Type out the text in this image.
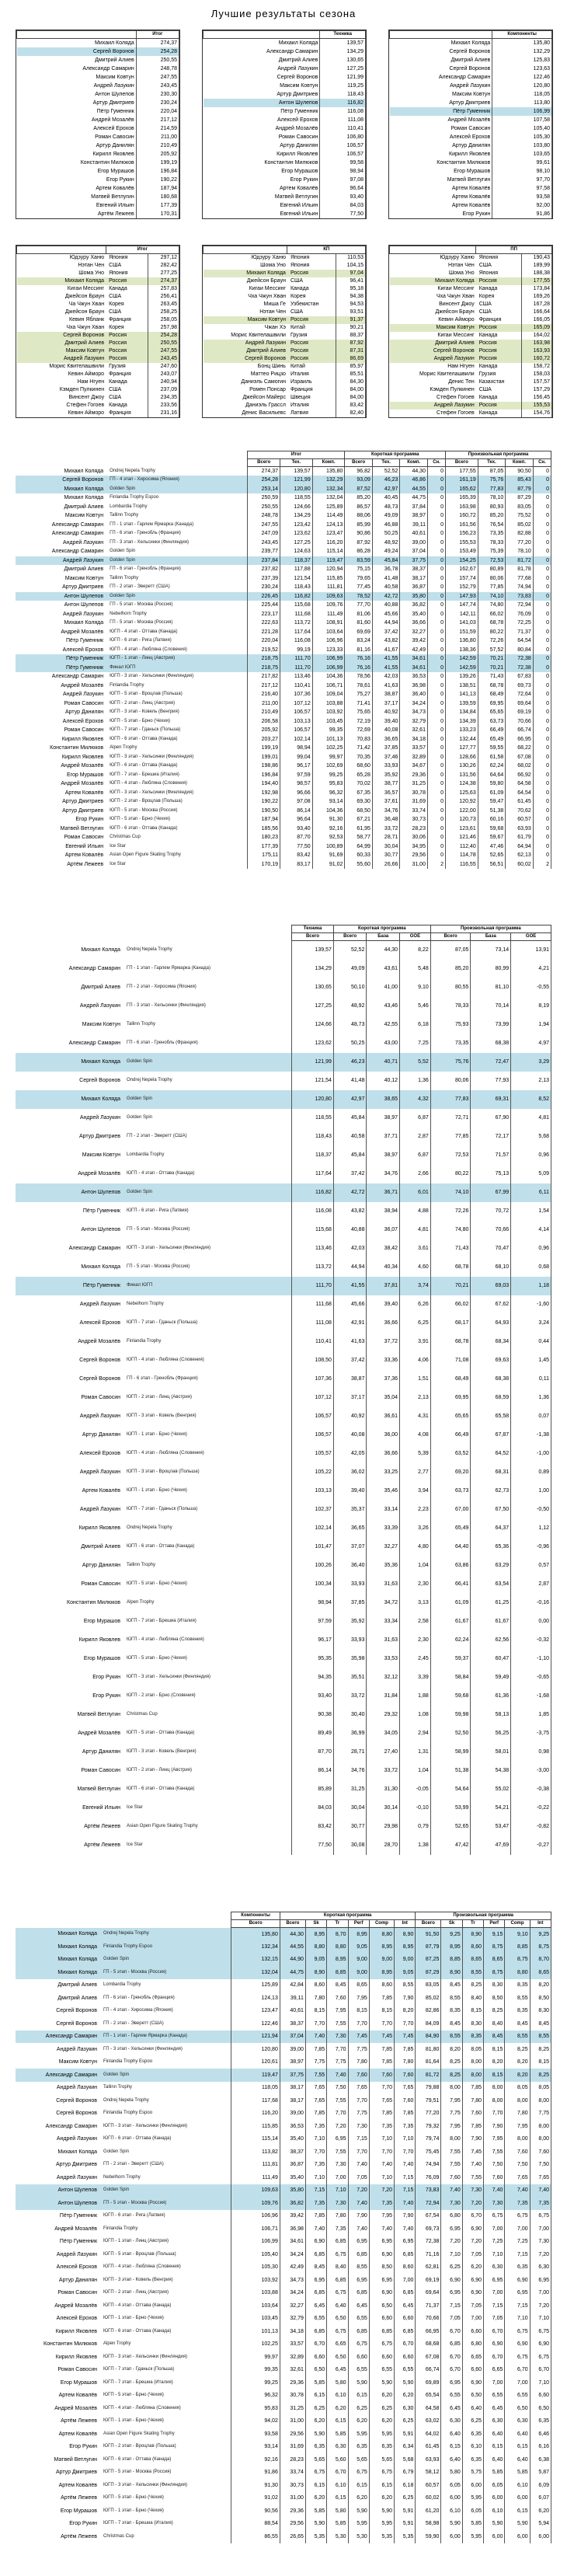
Лучшие результаты сезона
	Итог
Михаил Коляда	274,37
Сергей Воронов	254,28
Дмитрий Алиев	250,55
Александр Самарин	248,78
Максим Ковтун	247,55
Андрей Лазукин	243,45
Антон Шулепов	230,30
Артур Дмитриев	230,24
Пётр Гуменник	220,04
Андрей Мозалёв	217,12
Алексей Ерохов	214,59
Роман Савосин	211,00
Артур Данилян	210,49
Кирилл Яковлев	205,92
Константин Милюков	199,19
Егор Мурашов	196,84
Егор Рукин	190,22
Артем Ковалёв	187,94
Матвей Ветлугин	180,68
Евгений Ильин	177,39
Артём Лежеев	170,31
	Техника
Михаил Коляда	139,57
Александр Самарин	134,29
Дмитрий Алиев	130,65
Андрей Лазукин	127,25
Сергей Воронов	121,99
Максим Ковтун	119,25
Артур Дмитриев	118,43
Антон Шулепов	116,82
Пётр Гуменник	116,08
Алексей Ерохов	111,08
Андрей Мозалёв	110,41
Роман Савосин	106,80
Артур Данилян	106,57
Кирилл Яковлев	106,57
Константин Милюков	99,58
Егор Мурашов	98,94
Егор Рукин	97,08
Артем Ковалёв	96,64
Матвей Ветлугин	93,40
Евгений Ильин	84,03
Евгений Ильин	77,50
	Компоненты
Михаил Коляда	135,80
Сергей Воронов	132,29
Дмитрий Алиев	125,83
Сергей Воронов	123,63
Александр Самарин	122,46
Андрей Лазукин	120,80
Максим Ковтун	118,05
Артур Дмитриев	113,80
Пётр Гуменник	106,99
Андрей Мозалёв	107,58
Роман Савосин	105,40
Алексей Ерохов	105,30
Артур Данилян	103,80
Кирилл Яковлев	103,65
Константин Милюков	99,61
Егор Мурашов	98,10
Матвей Ветлугин	97,70
Артем Ковалёв	97,58
Артем Ковалёв	93,58
Артем Ковалёв	92,00
Егор Рукин	91,86
	Итог	
Юдзуру Ханю	Япония	297,12
Нэтан Чен	США	282,42
Шома Уно	Япония	277,25
Михаил Коляда	Россия	274,37
Кигаи Мессинг	Канада	257,83
Джейсон Браун	США	256,41
Ча Чжун Хван	Корея	263,45
Джейсон Браун	США	258,25
Кевин Ябланк	Франция	258,05
Чха Чжун Хван	Корея	257,98
Сергей Воронов	Россия	254,28
Дмитрий Алиев	Россия	250,55
Максим Ковтун	Россия	247,55
Андрей Лазукин	Россия	243,45
Морис Квителашвили	Грузия	247,60
Кевин Айморо	Франция	243,07
Нам Нгуен	Канада	240,94
Кэмден Пулкинен	США	237,09
Винсент Джоу	США	234,35
Стефен Гогоев	Канада	233,56
Кевин Айморо	Франция	231,16
	КП	
Юдзуру Ханю	Япония	110,53
Шома Уно	Япония	104,15
Михаил Коляда	Россия	97,04
Джейсон Браун	США	96,41
Кигаи Мессинг	Канада	95,18
Чха Чжун Хван	Корея	94,38
Миша Ге	Узбекистан	94,53
Нэтан Чен	США	93,51
Максим Ковтун	Россия	91,37
Чжан Хэ	Китай	90,21
Морис Квителашвили	Грузия	88,37
Андрей Лазукин	Россия	87,92
Дмитрий Алиев	Россия	87,31
Сергей Воронов	Россия	86,69
Бонц Шинь	Китай	85,97
Маттео Рицзо	Италия	85,51
Даниэль Самогин	Израиль	84,30
Ромен Понсар	Франция	84,00
Джейсон Майерс	Швеция	84,00
Даниэль Грассл	Италия	83,42
Денис Васильевс	Латвия	82,40
	ПП	
Юдзуру Ханю	Япония	190,43
Нэтан Чен	США	189,99
Шома Уно	Япония	188,38
Михаил Коляда	Россия	177,55
Кигаи Мессинг	Канада	173,84
Чха Чжун Хван	Корея	169,26
Винсент Джоу	США	167,28
Джейсон Браун	США	166,64
Кевин Айморо	Франция	166,05
Максим Ковтун	Россия	165,09
Кигаи Мессинг	Канада	164,02
Дмитрий Алиев	Россия	163,98
Сергей Воронов	Россия	163,93
Андрей Лазукин	Россия	160,72
Нам Нгуен	Канада	158,72
Морис Квителашвили	Грузия	158,03
Денис Тен	Казахстан	157,57
Кэмден Пулкинен	США	157,29
Стефен Гогоев	Канада	156,45
Андрей Лазукин	Россия	155,53
Стефен Гогоев	Канада	154,76
		Итог			Короткая программа				Произвольная программа			
		Всего	Тех.	Комп.	Всего	Тех.	Комп.	Сн.	Всего	Тех.	Комп.	Сн.
Михаил Коляда	Ondrej Nepela Trophy	274,37	139,57	135,80	96,82	52,52	44,30	0	177,55	87,05	90,50	0
Сергей Воронов	ГП - 4 этап - Хиросима (Япония)	254,28	121,99	132,29	93,09	46,23	46,86	0	161,19	75,76	85,43	0
Михаил Коляда	Golden Spin	253,14	120,80	132,34	87,52	42,97	44,55	0	165,62	77,83	87,79	0
Михаил Коляда	Finlandia Trophy Espoo	250,59	118,55	132,04	85,20	40,45	44,75	0	165,39	78,10	87,29	0
Дмитрий Алиев	Lombardia Trophy	250,55	124,66	125,89	86,57	48,73	37,84	0	163,98	80,93	83,05	0
Максим Ковтун	Tallinn Trophy	248,78	134,29	114,49	88,06	49,09	38,97	0	160,72	85,20	75,52	0
Александр Самарин	ГП - 1 этап - Гарлем Ярмарка (Канада)	247,55	123,42	124,13	85,99	46,88	39,11	0	161,56	76,54	85,02	0
Александр Самарин	ГП - 6 этап - Гренобль (Франция)	247,09	123,62	123,47	90,86	50,25	40,61	0	156,23	73,35	82,88	0
Андрей Лазукин	ГП - 3 этап - Хельсинки (Финляндия)	243,45	127,25	116,20	87,92	48,92	39,00	0	155,53	78,33	77,20	0
Александр Самарин	Golden Spin	239,77	124,63	115,14	86,28	49,24	37,04	0	153,49	75,39	78,10	0
Андрей Лазукин	Golden Spin	237,84	118,37	119,47	83,59	45,84	37,75	0	154,25	72,53	81,72	0
Дмитрий Алиев	ГП - 6 этап - Гренобль (Франция)	237,82	117,88	120,94	75,15	36,78	38,37	0	162,67	80,89	81,78	0
Максим Ковтун	Tallinn Trophy	237,39	121,54	115,85	79,65	41,48	38,17	0	157,74	80,06	77,68	0
Артур Дмитриев	ГП - 2 этап - Эверетт (США)	230,24	118,43	111,81	77,45	40,58	36,87	0	152,79	77,85	74,94	0
Антон Шулепов	Golden Spin	226,45	116,82	109,63	78,52	42,72	35,80	0	147,93	74,10	73,83	0
Антон Шулепов	ГП - 5 этап - Москва (Россия)	225,44	115,68	109,76	77,70	40,88	36,82	0	147,74	74,80	72,94	0
Андрей Лазукин	Nebelhorn Trophy	223,17	111,68	111,49	81,06	45,66	35,40	0	142,11	66,02	76,09	0
Михаил Коляда	ГП - 5 этап - Москва (Россия)	222,63	113,72	108,91	81,60	44,94	36,66	0	141,03	68,78	72,25	0
Андрей Мозалёв	ЮГП - 4 этап - Оттава (Канада)	221,28	117,64	103,64	69,69	37,42	32,27	0	151,59	80,22	71,37	0
Пётр Гуменник	ЮГП - 6 этап - Рига (Латвия)	220,04	116,08	106,96	83,24	43,82	39,42	0	136,80	72,26	64,54	0
Алексей Ерохов	ЮГП - 4 этап - Любляна (Словения)	219,52	99,19	123,33	81,16	41,67	42,49	0	138,36	57,52	80,84	0
Пётр Гуменник	ЮГП - 1 этап - Линц (Австрия)	218,75	111,70	106,99	76,16	41,55	34,61	0	142,59	70,21	72,38	0
Пётр Гуменник	Финал ЮГП	218,75	111,70	106,99	76,16	41,55	34,61	0	142,59	70,21	72,38	0
Александр Самарин	ЮГП - 3 этап - Хельсинки (Финляндия)	217,82	113,46	104,36	78,56	42,03	36,53	0	139,26	71,43	67,83	0
Андрей Мозалёв	Finlandia Trophy	217,12	110,41	106,71	78,61	41,63	36,98	0	138,51	68,78	69,73	0
Андрей Лазукин	ЮГП - 5 этап - Вроцлав (Польша)	216,40	107,36	109,04	75,27	38,87	36,40	0	141,13	68,49	72,64	0
Роман Савосин	ЮГП - 2 этап - Линц (Австрия)	211,00	107,12	103,88	71,41	37,17	34,24	0	139,59	69,95	69,64	0
Артур Данилян	ЮГП - 3 этап - Ковель (Венгрия)	210,49	106,57	103,92	75,65	40,92	34,73	0	134,84	65,65	69,19	0
Алексей Ерохов	ЮГП - 5 этап - Брно (Чехия)	206,58	103,13	103,45	72,19	39,40	32,79	0	134,39	63,73	70,66	0
Роман Савосин	ЮГП - 7 этап - Гданьск (Польша)	205,92	106,57	99,35	72,69	40,08	32,61	0	133,23	66,49	66,74	0
Кирилл Яковлев	ЮГП - 6 этап - Оттава (Канада)	203,27	102,14	101,13	70,83	36,65	34,18	0	132,44	65,49	66,95	0
Константин Милюков	Alpen Trophy	199,19	98,94	102,25	71,42	37,85	33,57	0	127,77	59,55	68,22	0
Кирилл Яковлев	ЮГП - 3 этап - Хельсинки (Финляндия)	199,01	99,04	99,97	70,35	37,46	32,89	0	128,66	61,58	67,08	0
Андрей Мозалёв	ЮГП - 6 этап - Оттава (Канада)	198,86	96,17	102,69	68,60	33,93	34,67	0	130,26	62,24	68,02	0
Егор Мурашов	ЮГП - 7 этап - Брешиа (Италия)	196,84	97,59	99,25	65,28	35,92	29,36	0	131,56	64,64	66,92	0
Андрей Мозалёв	ЮГП - 4 этап - Любляна (Словения)	194,40	98,57	95,83	70,02	38,77	31,25	0	124,38	59,80	64,58	0
Артем Ковалёв	ЮГП - 3 этап - Хельсинки (Финляндия)	192,98	96,66	96,32	67,35	36,57	30,78	0	125,63	61,09	64,54	0
Артур Дмитриев	ЮГП - 2 этап - Вроцлав (Польша)	190,22	97,08	93,14	69,30	37,61	31,69	0	120,92	59,47	61,45	0
Артур Дмитриев	ЮГП - 5 этап - Москва (Россия)	190,50	86,14	104,36	68,50	34,76	33,74	0	122,00	51,38	70,62	0
Егор Рукин	ЮГП - 5 этап - Брно (Чехия)	187,94	96,64	91,30	67,21	36,48	30,73	0	120,73	60,16	60,57	0
Матвей Ветлугин	ЮГП - 6 этап - Оттава (Канада)	185,56	93,40	92,16	61,95	33,72	28,23	0	123,61	59,68	63,93	0
Роман Савосин	Christmas Cup	180,23	87,70	92,53	58,77	28,71	30,06	0	121,46	59,67	61,79	0
Евгений Ильин	Ice Star	177,39	77,50	100,89	64,99	30,04	34,95	0	112,40	47,46	64,94	0
Артем Ковалёв	Asian Open Figure Skating Trophy	175,11	83,42	91,69	60,33	30,77	29,56	0	114,78	52,65	62,13	0
Артём Лежеев	Ice Star	170,19	83,17	91,02	55,60	26,66	31,00	2	116,55	56,51	60,02	2
		Техника	Короткая программа			Произвольная программа		
		Всего	Всего	База	GOE	Всего	База	GOE
Михаил Коляда	Ondrej Nepela Trophy	139,57	52,52	44,30	8,22	87,05	73,14	13,91
Александр Самарин	ГП - 1 этап - Гарлем Ярмарка (Канада)	134,29	49,09	43,61	5,48	85,20	80,99	4,21
Дмитрий Алиев	ГП - 2 этап - Хиросима (Япония)	130,65	50,10	41,00	9,10	80,55	81,10	-0,55
Андрей Лазукин	ГП - 3 этап - Хельсинки (Финляндия)	127,25	48,92	43,46	5,46	78,33	70,14	8,19
Максим Ковтун	Tallinn Trophy	124,66	48,73	42,55	6,18	75,93	73,99	1,94
Александр Самарин	ГП - 6 этап - Гренобль (Франция)	123,62	50,25	43,00	7,25	73,35	68,38	4,97
Михаил Коляда	Golden Spin	121,99	46,23	40,71	5,52	75,76	72,47	3,29
Сергей Воронов	Ondrej Nepela Trophy	121,54	41,48	40,12	1,36	80,06	77,93	2,13
Михаил Коляда	Golden Spin	120,80	42,97	38,65	4,32	77,83	69,31	8,52
Андрей Лазукин	Golden Spin	118,55	45,84	38,97	6,87	72,71	67,90	4,81
Артур Дмитриев	ГП - 2 этап - Эверетт (США)	118,43	40,58	37,71	2,87	77,85	72,17	5,68
Максим Ковтун	Lombardia Trophy	118,37	45,84	38,97	6,87	72,53	71,57	0,96
Андрей Мозалёв	ЮГП - 4 этап - Оттава (Канада)	117,64	37,42	34,76	2,66	80,22	75,13	5,09
Антон Шулепов	Golden Spin	116,82	42,72	36,71	6,01	74,10	67,99	6,11
Пётр Гуменник	ЮГП - 6 этап - Рига (Латвия)	116,08	43,82	38,94	4,88	72,26	70,72	1,54
Антон Шулепов	ГП - 5 этап - Москва (Россия)	115,68	40,88	36,07	4,81	74,80	70,66	4,14
Александр Самарин	ЮГП - 3 этап - Хельсинки (Финляндия)	113,46	42,03	38,42	3,61	71,43	70,47	0,96
Михаил Коляда	ГП - 5 этап - Москва (Россия)	113,72	44,94	40,34	4,60	68,78	68,10	0,68
Пётр Гуменник	Финал ЮГП	111,70	41,55	37,81	3,74	70,21	69,03	1,18
Андрей Лазукин	Nebelhorn Trophy	111,68	45,66	39,40	6,26	66,02	67,62	-1,60
Алексей Ерохов	ЮГП - 7 этап - Гданьск (Польша)	111,08	42,91	36,66	6,25	68,17	64,93	3,24
Андрей Мозалёв	Finlandia Trophy	110,41	41,63	37,72	3,91	68,78	68,34	0,44
Сергей Воронов	ЮГП - 4 этап - Любляна (Словения)	108,50	37,42	33,36	4,06	71,08	69,63	1,45
Сергей Воронов	ГП - 6 этап - Гренобль (Франция)	107,36	38,87	37,36	1,51	68,49	68,38	0,11
Роман Савосин	ЮГП - 2 этап - Линц (Австрия)	107,12	37,17	35,04	2,13	69,95	68,59	1,36
Андрей Лазукин	ЮГП - 3 этап - Ковель (Венгрия)	106,57	40,92	36,61	4,31	65,65	65,58	0,07
Артур Данилян	ЮГП - 1 этап - Брно (Чехия)	106,57	40,08	36,00	4,08	66,49	67,87	-1,38
Алексей Ерохов	ЮГП - 4 этап - Любляна (Словения)	105,57	42,05	36,66	5,39	63,52	64,52	-1,00
Андрей Лазукин	ЮГП - 3 этап - Вроцлав (Польша)	105,22	36,02	33,25	2,77	69,20	68,31	0,89
Артем Ковалёв	ЮГП - 1 этап - Брно (Чехия)	103,13	39,40	35,46	3,94	63,73	62,73	1,00
Андрей Лазукин	ЮГП - 7 этап - Гданьск (Польша)	102,37	35,37	33,14	2,23	67,00	67,50	-0,50
Кирилл Яковлев	Ondrej Nepela Trophy	102,14	36,65	33,39	3,26	65,49	64,37	1,12
Дмитрий Алиев	ЮГП - 6 этап - Оттава (Канада)	101,47	37,07	32,27	4,80	64,40	65,36	-0,96
Артур Данилян	Tallinn Trophy	100,26	36,40	35,36	1,04	63,86	63,29	0,57
Роман Савосин	ЮГП - 5 этап - Брно (Чехия)	100,34	33,93	31,63	2,30	66,41	63,54	2,87
Константин Милюков	Alpen Trophy	98,94	37,85	34,72	3,13	61,09	61,25	-0,16
Егор Мурашов	ЮГП - 7 этап - Брешиа (Италия)	97,59	35,92	33,34	2,58	61,67	61,67	0,00
Кирилл Яковлев	ЮГП - 4 этап - Любляна (Словения)	96,17	33,93	31,63	2,30	62,24	62,56	-0,32
Егор Мурашов	ЮГП - 5 этап - Брно (Чехия)	95,35	35,98	33,53	2,45	59,37	60,47	-1,10
Егор Рукин	ЮГП - 3 этап - Хельсинки (Финляндия)	94,35	35,51	32,12	3,39	58,84	59,49	-0,65
Егор Рукин	ЮГП - 2 этап - Брно (Словения)	93,40	33,72	31,84	1,88	59,68	61,36	-1,68
Матвей Ветлугин	Christmas Cup	90,38	30,40	29,32	1,08	59,98	58,13	1,85
Андрей Мозалёв	ЮГП - 5 этап - Оттава (Канада)	89,49	36,99	34,05	2,94	52,50	56,25	-3,75
Артур Данилян	ЮГП - 3 этап - Ковель (Венгрия)	87,70	28,71	27,40	1,31	58,99	58,01	0,98
Роман Савосин	ЮГП - 2 этап - Линц (Австрия)	86,14	34,76	33,72	1,04	51,38	54,38	-3,00
Матвей Ветлугин	ЮГП - 6 этап - Оттава (Канада)	85,89	31,25	31,30	-0,05	54,64	55,02	-0,38
Евгений Ильин	Ice Star	84,03	30,04	30,14	-0,10	53,99	54,21	-0,22
Артём Лежеев	Asian Open Figure Skating Trophy	83,42	30,77	29,98	0,79	52,65	53,47	-0,82
Артём Лежеев	Ice Star	77,50	30,08	28,70	1,38	47,42	47,69	-0,27
		Компоненты	Короткая программа						Произвольная программа					
		Всего	Всего	Sk	Tr	Perf	Comp	Int	Всего	Sk	Tr	Perf	Comp	Int
Михаил Коляда	Ondrej Nepela Trophy	135,80	44,30	8,95	8,70	8,95	8,80	8,90	91,50	9,25	8,90	9,15	9,10	9,25
Михаил Коляда	Finlandia Trophy Espoo	132,34	44,55	8,80	8,80	9,05	8,95	8,95	87,79	8,95	8,60	8,75	8,85	8,75
Михаил Коляда	Golden Spin	132,15	44,90	9,05	8,95	9,00	9,00	9,00	87,25	8,85	8,65	8,65	8,75	8,70
Михаил Коляда	ГП - 5 этап - Москва (Россия)	132,04	44,75	8,90	8,85	9,00	8,95	9,05	87,29	8,90	8,55	8,75	8,80	8,65
Дмитрий Алиев	Lombardia Trophy	125,89	42,84	8,60	8,45	8,65	8,60	8,55	83,05	8,45	8,25	8,30	8,35	8,20
Дмитрий Алиев	ГП - 6 этап - Гренобль (Франция)	124,13	39,11	7,80	7,60	7,95	7,85	7,90	85,02	8,55	8,40	8,50	8,55	8,50
Сергей Воронов	ГП - 4 этап - Хиросима (Япония)	123,47	40,61	8,15	7,95	8,15	8,15	8,20	82,86	8,35	8,15	8,25	8,35	8,30
Сергей Воронов	ГП - 2 этап - Эверетт (США)	122,46	38,37	7,70	7,55	7,70	7,70	7,70	84,09	8,45	8,30	8,40	8,45	8,45
Александр Самарин	ГП - 1 этап - Гарлем Ярмарка (Канада)	121,94	37,04	7,40	7,30	7,45	7,45	7,45	84,90	8,55	8,35	8,45	8,55	8,55
Андрей Лазукин	ГП - 3 этап - Хельсинки (Финляндия)	120,80	39,00	7,85	7,70	7,75	7,85	7,85	81,80	8,20	8,05	8,15	8,25	8,25
Максим Ковтун	Finlandia Trophy Espoo	120,61	38,97	7,75	7,75	7,80	7,85	7,80	81,64	8,25	8,00	8,20	8,20	8,15
Александр Самарин	Golden Spin	119,47	37,75	7,55	7,40	7,60	7,60	7,60	81,72	8,25	8,00	8,15	8,20	8,25
Андрей Лазукин	Tallinn Trophy	118,05	38,17	7,65	7,50	7,65	7,70	7,65	79,88	8,00	7,85	8,00	8,05	8,05
Сергей Воронов	Ondrej Nepela Trophy	117,68	38,17	7,65	7,55	7,70	7,65	7,60	79,51	7,95	7,80	8,00	8,00	8,00
Сергей Воронов	Finlandia Trophy Espoo	116,20	39,00	7,85	7,70	7,75	7,85	7,85	77,20	7,75	7,60	7,70	7,80	7,75
Александр Самарин	ЮГП - 3 этап - Хельсинки (Финляндия)	115,85	36,53	7,35	7,20	7,30	7,35	7,35	79,32	7,95	7,85	7,90	7,95	8,00
Андрей Лазукин	ЮГП - 6 этап - Оттава (Канада)	115,14	35,40	7,10	6,95	7,15	7,10	7,10	79,74	8,00	7,90	7,95	8,00	8,00
Михаил Коляда	Golden Spin	113,82	38,37	7,70	7,55	7,70	7,70	7,70	75,45	7,55	7,45	7,55	7,60	7,60
Артур Дмитриев	ГП - 2 этап - Эверетт (США)	111,81	36,87	7,35	7,30	7,40	7,40	7,40	74,94	7,55	7,40	7,50	7,50	7,50
Андрей Лазукин	Nebelhorn Trophy	111,49	35,40	7,10	7,00	7,05	7,10	7,15	76,09	7,60	7,55	7,60	7,65	7,65
Антон Шулепов	Golden Spin	109,63	35,80	7,15	7,10	7,20	7,20	7,15	73,83	7,40	7,30	7,40	7,40	7,40
Антон Шулепов	ГП - 5 этап - Москва (Россия)	109,76	36,82	7,35	7,30	7,40	7,35	7,40	72,94	7,30	7,20	7,30	7,35	7,35
Пётр Гуменник	ЮГП - 6 этап - Рига (Латвия)	106,96	39,42	7,85	7,80	7,90	7,95	7,90	67,54	6,80	6,70	6,75	6,75	6,75
Андрей Мозалёв	Finlandia Trophy	106,71	36,98	7,40	7,35	7,40	7,40	7,40	69,73	6,95	6,90	7,00	7,00	7,00
Пётр Гуменник	ЮГП - 1 этап - Линц (Австрия)	106,99	34,61	6,90	6,85	6,95	6,95	6,95	72,38	7,20	7,20	7,25	7,25	7,30
Андрей Лазукин	ЮГП - 5 этап - Вроцлав (Польша)	105,40	34,24	6,85	6,75	6,85	6,90	6,85	71,16	7,10	7,05	7,10	7,15	7,20
Алексей Ерохов	ЮГП - 4 этап - Любляна (Словения)	105,30	42,49	8,45	8,40	8,55	8,50	8,60	62,81	6,25	6,20	6,30	6,35	6,30
Артур Данилян	ЮГП - 3 этап - Ковель (Венгрия)	103,92	34,73	6,95	6,85	6,95	6,95	7,00	69,19	6,90	6,90	6,95	6,90	6,95
Роман Савосин	ЮГП - 2 этап - Линц (Австрия)	103,88	34,24	6,85	6,75	6,85	6,90	6,85	69,64	6,95	6,90	7,00	6,95	7,00
Андрей Мозалёв	ЮГП - 4 этап - Оттава (Канада)	103,64	32,27	6,45	6,40	6,45	6,50	6,45	71,37	7,15	7,05	7,15	7,15	7,20
Алексей Ерохов	ЮГП - 1 этап - Брно (Чехия)	103,45	32,79	6,55	6,50	6,55	6,60	6,60	70,66	7,05	7,00	7,05	7,10	7,10
Кирилл Яковлев	ЮГП - 6 этап - Оттава (Канада)	101,13	34,18	6,85	6,75	6,85	6,85	6,85	66,95	6,70	6,60	6,70	6,75	6,75
Константин Милюков	Alpen Trophy	102,25	33,57	6,70	6,65	6,75	6,75	6,70	68,68	6,85	6,80	6,90	6,90	6,90
Кирилл Яковлев	ЮГП - 3 этап - Хельсинки (Финляндия)	99,97	32,89	6,60	6,50	6,60	6,60	6,60	67,08	6,70	6,65	6,70	6,75	6,75
Роман Савосин	ЮГП - 7 этап - Гданьск (Польша)	99,35	32,61	6,50	6,45	6,55	6,55	6,55	66,74	6,70	6,60	6,65	6,70	6,70
Егор Мурашов	ЮГП - 7 этап - Брешиа (Италия)	99,25	29,36	5,85	5,80	5,90	5,90	5,90	69,89	6,95	6,90	7,00	7,00	7,10
Артем Ковалёв	ЮГП - 5 этап - Брно (Чехия)	96,32	30,78	6,15	6,10	6,15	6,20	6,20	65,54	6,55	6,50	6,55	6,55	6,60
Андрей Мозалёв	ЮГП - 4 этап - Любляна (Словения)	95,83	31,25	6,25	6,20	6,25	6,25	6,30	64,58	6,45	6,40	6,45	6,50	6,50
Артём Лежеев	ЮГП - 1 этап - Брно (Чехия)	94,02	31,00	6,20	6,15	6,20	6,20	6,25	63,02	6,30	6,25	6,30	6,30	6,35
Артем Ковалёв	Asian Open Figure Skating Trophy	93,58	29,56	5,90	5,85	5,95	5,95	5,91	64,02	6,40	6,35	6,40	6,40	6,46
Егор Рукин	ЮГП - 2 этап - Вроцлав (Польша)	93,14	31,69	6,35	6,30	6,35	6,35	6,34	61,45	6,15	6,10	6,15	6,15	6,16
Матвей Ветлугин	ЮГП - 6 этап - Оттава (Канада)	92,16	28,23	5,65	5,60	5,65	5,65	5,68	63,93	6,40	6,35	6,40	6,40	6,38
Артур Дмитриев	ЮГП - 5 этап - Москва (Россия)	91,86	33,74	6,75	6,70	6,75	6,75	6,79	58,12	5,80	5,75	5,85	5,85	5,87
Артем Ковалёв	ЮГП - 3 этап - Хельсинки (Финляндия)	91,30	30,73	6,15	6,10	6,15	6,15	6,18	60,57	6,05	6,00	6,05	6,10	6,09
Артём Лежеев	ЮГП - 5 этап - Брно (Чехия)	91,02	31,00	6,20	6,15	6,20	6,20	6,25	60,02	6,00	5,95	6,00	6,00	6,07
Егор Мурашов	ЮГП - 1 этап - Брно (Чехия)	90,56	29,36	5,85	5,80	5,90	5,90	5,91	61,20	6,10	6,05	6,10	6,15	6,20
Егор Рукин	ЮГП - 7 этап - Брешиа (Италия)	88,54	29,56	5,90	5,85	5,95	5,95	5,91	58,98	5,90	5,85	5,90	5,90	5,94
Артём Лежеев	Christmas Cup	86,55	26,65	5,35	5,30	5,30	5,35	5,35	59,90	6,00	5,95	6,00	6,00	6,00
